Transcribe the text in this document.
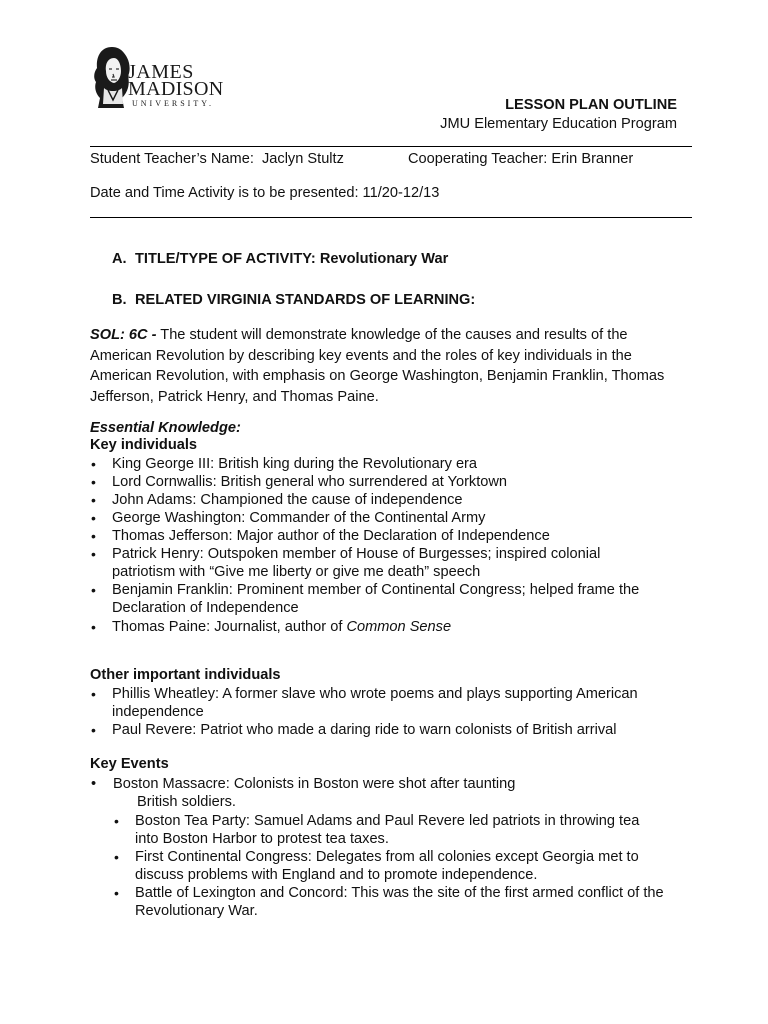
JAMES
MADISON
UNIVERSITY.	LESSON PLAN OUTLINE
JMU Elementary Education Program
Student Teacher’s Name:  Jaclyn Stultz	Cooperating Teacher: Erin Branner
Date and Time Activity is to be presented: 11/20-12/13
A. TITLE/TYPE OF ACTIVITY: Revolutionary War
B. RELATED VIRGINIA STANDARDS OF LEARNING:
SOL: 6C - The student will demonstrate knowledge of the causes and results of the American Revolution by describing key events and the roles of key individuals in the American Revolution, with emphasis on George Washington, Benjamin Franklin, Thomas Jefferson, Patrick Henry, and Thomas Paine.
Essential Knowledge:
Key individuals
• King George III: British king during the Revolutionary era
• Lord Cornwallis: British general who surrendered at Yorktown
• John Adams: Championed the cause of independence
• George Washington: Commander of the Continental Army
• Thomas Jefferson: Major author of the Declaration of Independence
• Patrick Henry: Outspoken member of House of Burgesses; inspired colonial patriotism with “Give me liberty or give me death” speech
• Benjamin Franklin: Prominent member of Continental Congress; helped frame the Declaration of Independence
• Thomas Paine: Journalist, author of Common Sense
Other important individuals
• Phillis Wheatley: A former slave who wrote poems and plays supporting American independence
• Paul Revere: Patriot who made a daring ride to warn colonists of British arrival
Key Events
•	Boston Massacre: Colonists in Boston were shot after taunting
British soldiers.
• Boston Tea Party: Samuel Adams and Paul Revere led patriots in throwing tea into Boston Harbor to protest tea taxes.
• First Continental Congress: Delegates from all colonies except Georgia met to discuss problems with England and to promote independence.
• Battle of Lexington and Concord: This was the site of the first armed conflict of the Revolutionary War.
